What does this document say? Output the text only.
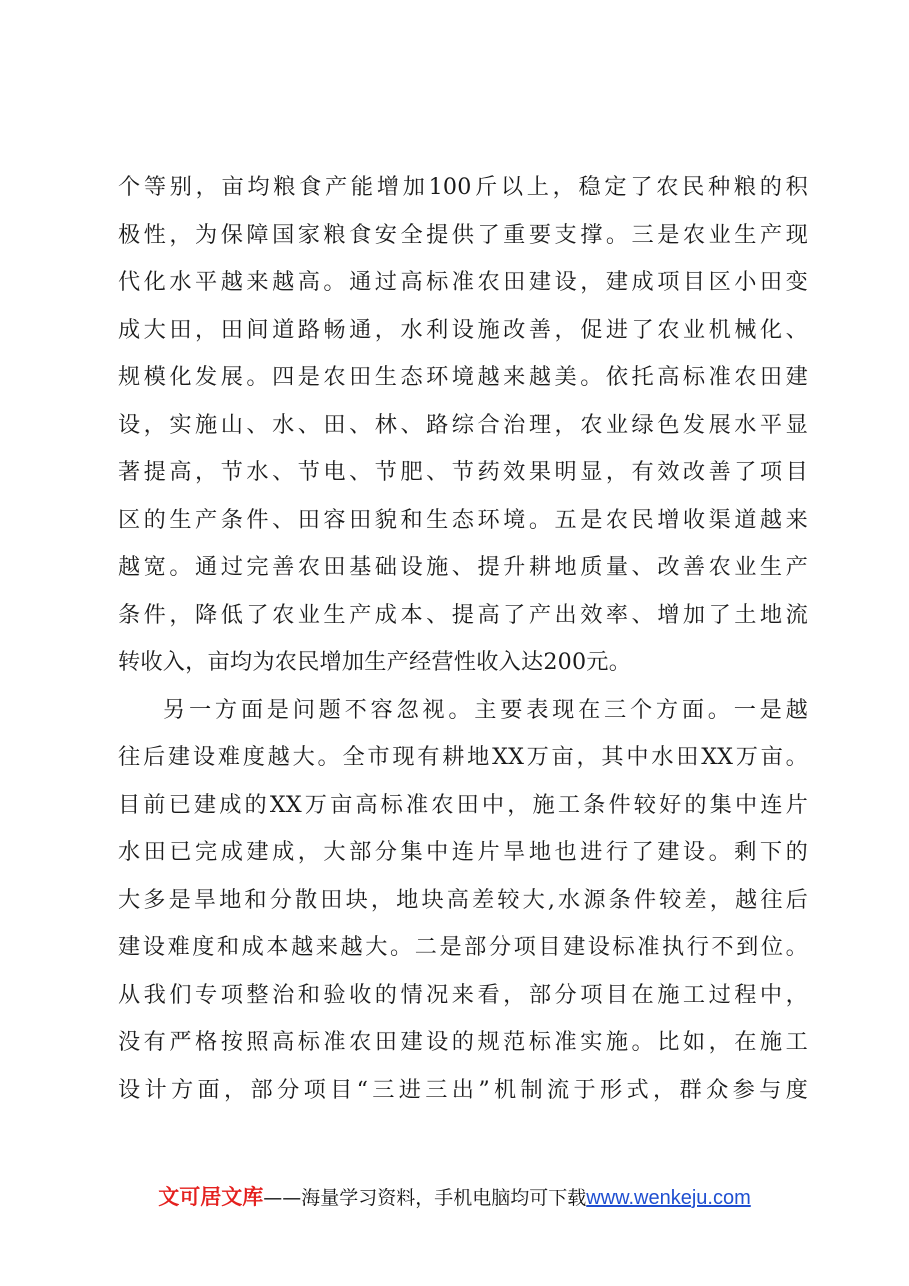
个等别，亩均粮食产能增加100斤以上，稳定了农民种粮的积
极性，为保障国家粮食安全提供了重要支撑。三是农业生产现
代化水平越来越高。通过高标准农田建设，建成项目区小田变
成大田，田间道路畅通，水利设施改善，促进了农业机械化、
规模化发展。四是农田生态环境越来越美。依托高标准农田建
设，实施山、水、田、林、路综合治理，农业绿色发展水平显
著提高，节水、节电、节肥、节药效果明显，有效改善了项目
区的生产条件、田容田貌和生态环境。五是农民增收渠道越来
越宽。通过完善农田基础设施、提升耕地质量、改善农业生产
条件，降低了农业生产成本、提高了产出效率、增加了土地流
转收入，亩均为农民增加生产经营性收入达200元。
另一方面是问题不容忽视。主要表现在三个方面。一是越
往后建设难度越大。全市现有耕地XX万亩，其中水田XX万亩。
目前已建成的XX万亩高标准农田中，施工条件较好的集中连片
水田已完成建成，大部分集中连片旱地也进行了建设。剩下的
大多是旱地和分散田块，地块高差较大,水源条件较差，越往后
建设难度和成本越来越大。二是部分项目建设标准执行不到位。
从我们专项整治和验收的情况来看，部分项目在施工过程中，
没有严格按照高标准农田建设的规范标准实施。比如，在施工
设计方面，部分项目“三进三出”机制流于形式，群众参与度
文可居文库——海量学习资料，手机电脑均可下载www.wenkeju.com
